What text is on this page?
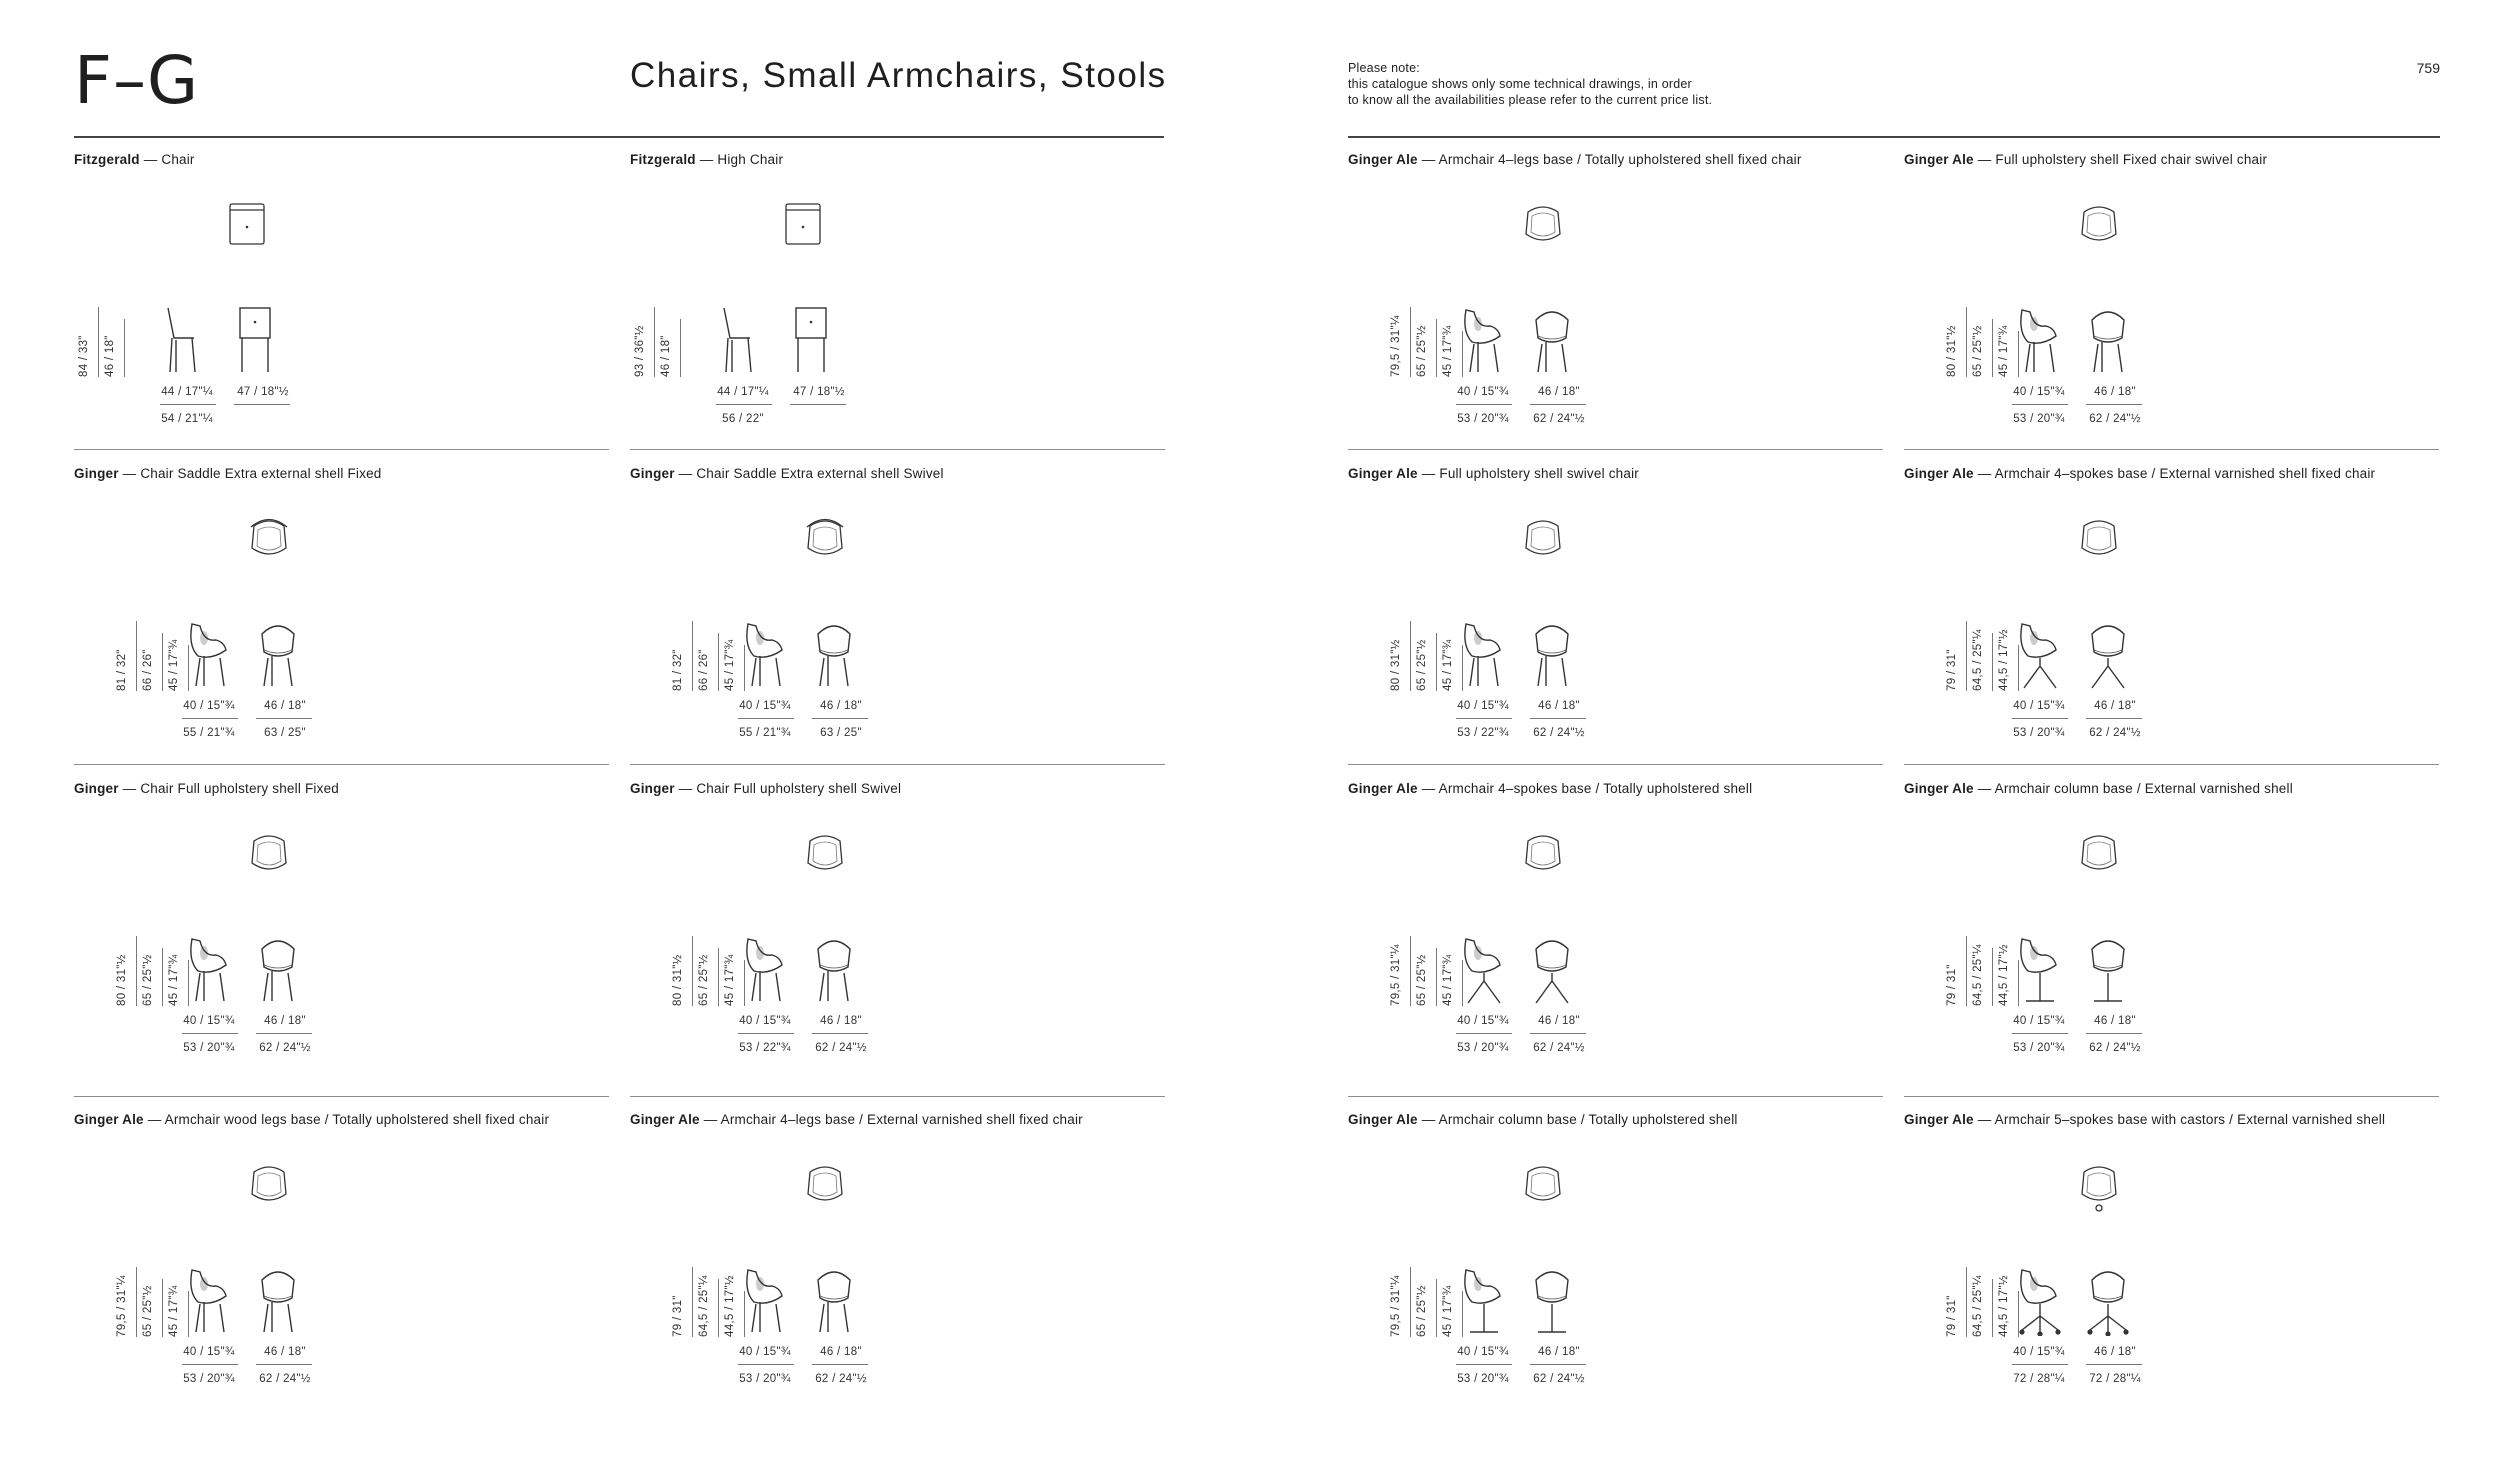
F–G	Chairs, Small Armchairs, Stools	Please note:
this catalogue shows only some technical drawings, in order
to know all the availabilities please refer to the current price list.
759
Fitzgerald — Chair
84 / 33" 46 / 18"
44 / 17"¼	47 / 18"½
54 / 21"¼
Fitzgerald — High Chair
93 / 36"½ 46 / 18"
44 / 17"¼	47 / 18"½
56 / 22"
Ginger — Chair Saddle Extra external shell Fixed
81 / 32" 66 / 26" 45 / 17"¾
40 / 15"¾	46 / 18"
55 / 21"¾	63 / 25"
Ginger — Chair Saddle Extra external shell Swivel
81 / 32" 66 / 26" 45 / 17"¾
40 / 15"¾	46 / 18"
55 / 21"¾	63 / 25"
Ginger — Chair Full upholstery shell Fixed
80 / 31"½ 65 / 25"½ 45 / 17"¾
40 / 15"¾	46 / 18"
53 / 20"¾	62 / 24"½
Ginger — Chair Full upholstery shell Swivel
80 / 31"½ 65 / 25"½ 45 / 17"¾
40 / 15"¾	46 / 18"
53 / 22"¾	62 / 24"½
Ginger Ale — Armchair wood legs base / Totally upholstered shell fixed chair
79,5 / 31"¼ 65 / 25"½ 45 / 17"¾
40 / 15"¾	46 / 18"
53 / 20"¾	62 / 24"½
Ginger Ale — Armchair 4–legs base / External varnished shell fixed chair
79 / 31" 64,5 / 25"¼ 44,5 / 17"½
40 / 15"¾	46 / 18"
53 / 20"¾	62 / 24"½
Ginger Ale — Armchair 4–legs base / Totally upholstered shell fixed chair
79,5 / 31"¼ 65 / 25"½ 45 / 17"¾
40 / 15"¾	46 / 18"
53 / 20"¾	62 / 24"½
Ginger Ale — Full upholstery shell Fixed chair swivel chair
80 / 31"½ 65 / 25"½ 45 / 17"¾
40 / 15"¾	46 / 18"
53 / 20"¾	62 / 24"½
Ginger Ale — Full upholstery shell swivel chair
80 / 31"½ 65 / 25"½ 45 / 17"¾
40 / 15"¾	46 / 18"
53 / 22"¾	62 / 24"½
Ginger Ale — Armchair 4–spokes base / External varnished shell fixed chair
79 / 31" 64,5 / 25"¼ 44,5 / 17"½
40 / 15"¾	46 / 18"
53 / 20"¾	62 / 24"½
Ginger Ale — Armchair 4–spokes base / Totally upholstered shell
79,5 / 31"¼ 65 / 25"½ 45 / 17"¾
40 / 15"¾	46 / 18"
53 / 20"¾	62 / 24"½
Ginger Ale — Armchair column base / External varnished shell
79 / 31" 64,5 / 25"¼ 44,5 / 17"½
40 / 15"¾	46 / 18"
53 / 20"¾	62 / 24"½
Ginger Ale — Armchair column base / Totally upholstered shell
79,5 / 31"¼ 65 / 25"½ 45 / 17"¾
40 / 15"¾	46 / 18"
53 / 20"¾	62 / 24"½
Ginger Ale — Armchair 5–spokes base with castors / External varnished shell
79 / 31" 64,5 / 25"¼ 44,5 / 17"½
40 / 15"¾	46 / 18"
72 / 28"¼	72 / 28"¼
